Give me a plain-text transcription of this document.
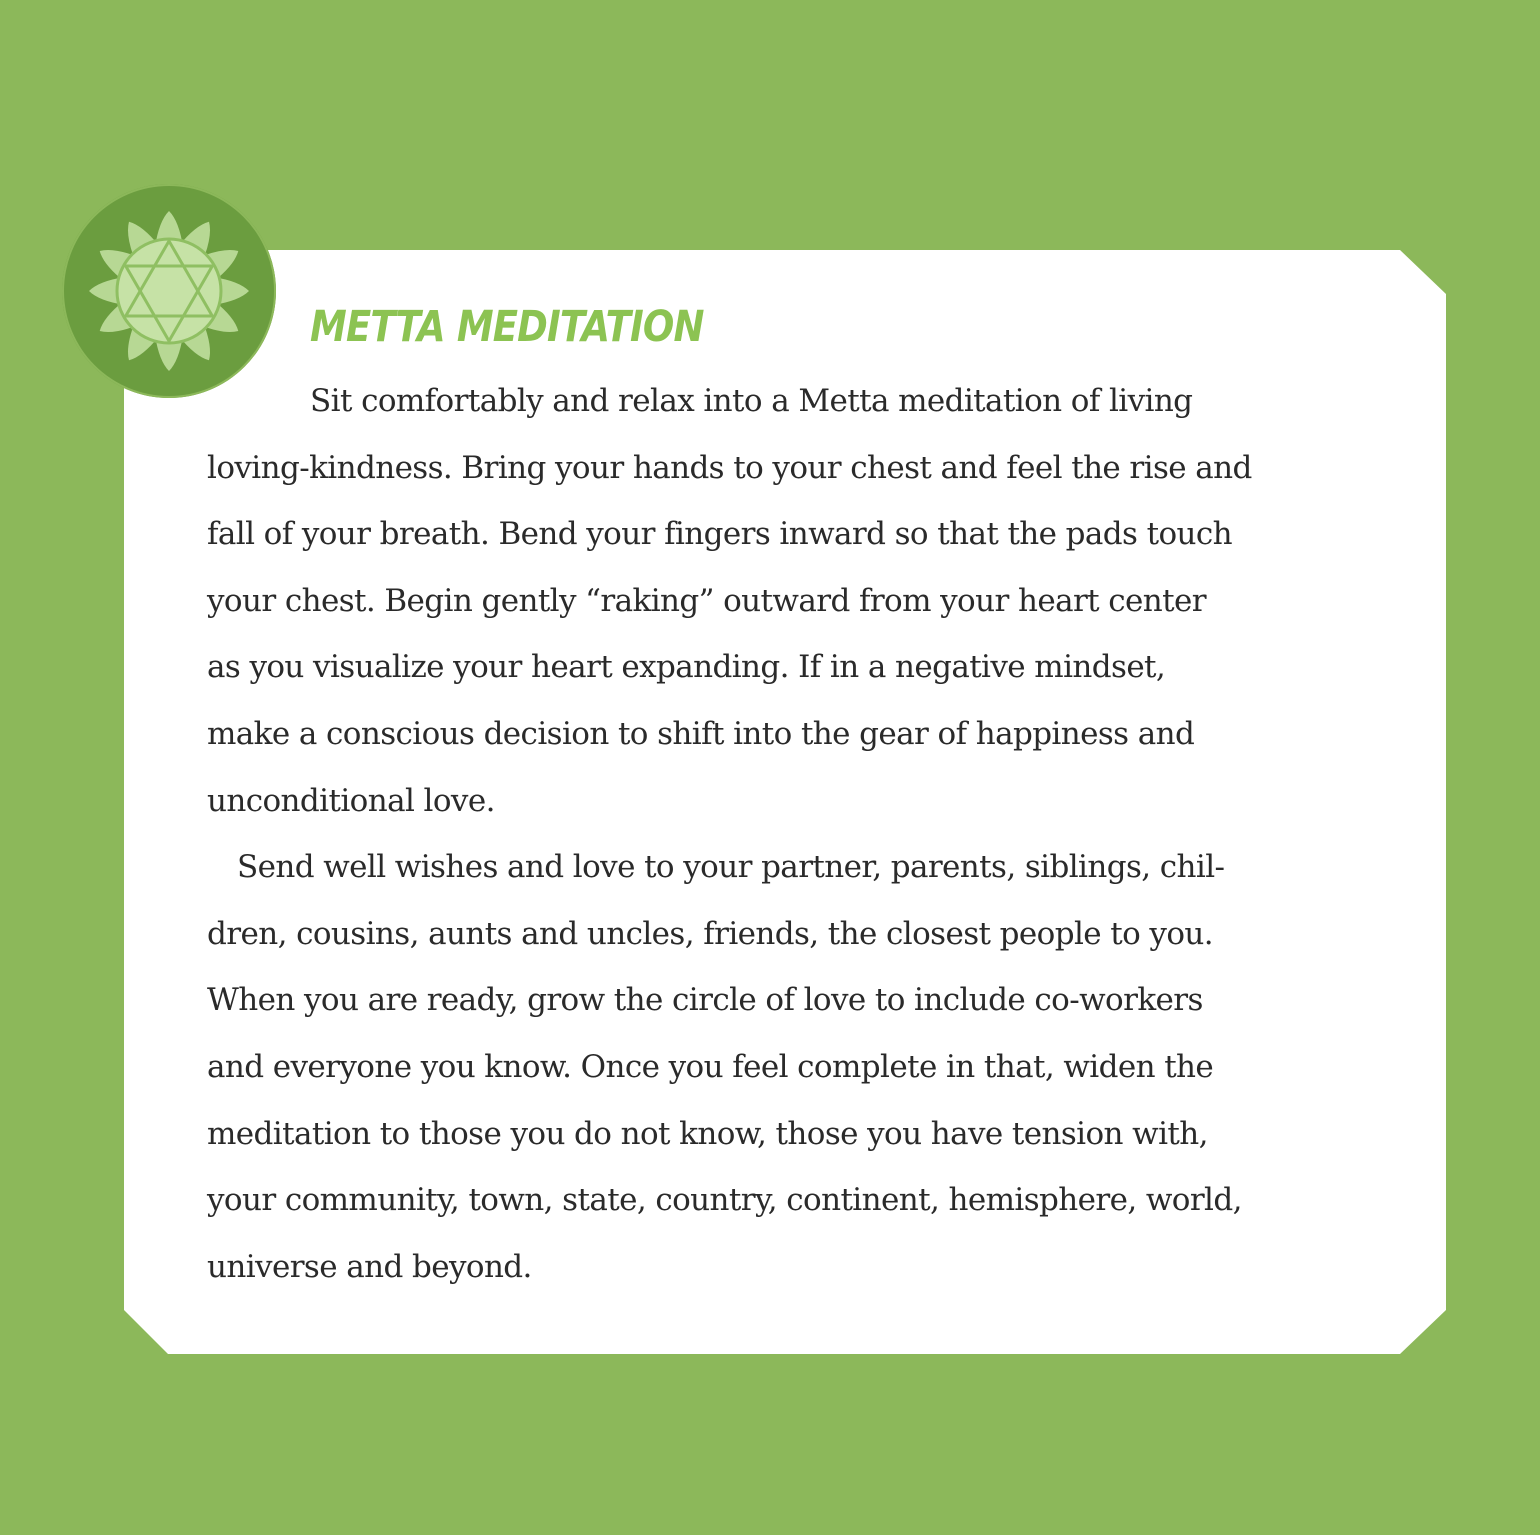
METTA MEDITATION
Sit comfortably and relax into a Metta meditation of living
loving-kindness. Bring your hands to your chest and feel the rise and
fall of your breath. Bend your fingers inward so that the pads touch
your chest. Begin gently “raking” outward from your heart center
as you visualize your heart expanding. If in a negative mindset,
make a conscious decision to shift into the gear of happiness and
unconditional love.
Send well wishes and love to your partner, parents, siblings, chil-
dren, cousins, aunts and uncles, friends, the closest people to you.
When you are ready, grow the circle of love to include co-workers
and everyone you know. Once you feel complete in that, widen the
meditation to those you do not know, those you have tension with,
your community, town, state, country, continent, hemisphere, world,
universe and beyond.
